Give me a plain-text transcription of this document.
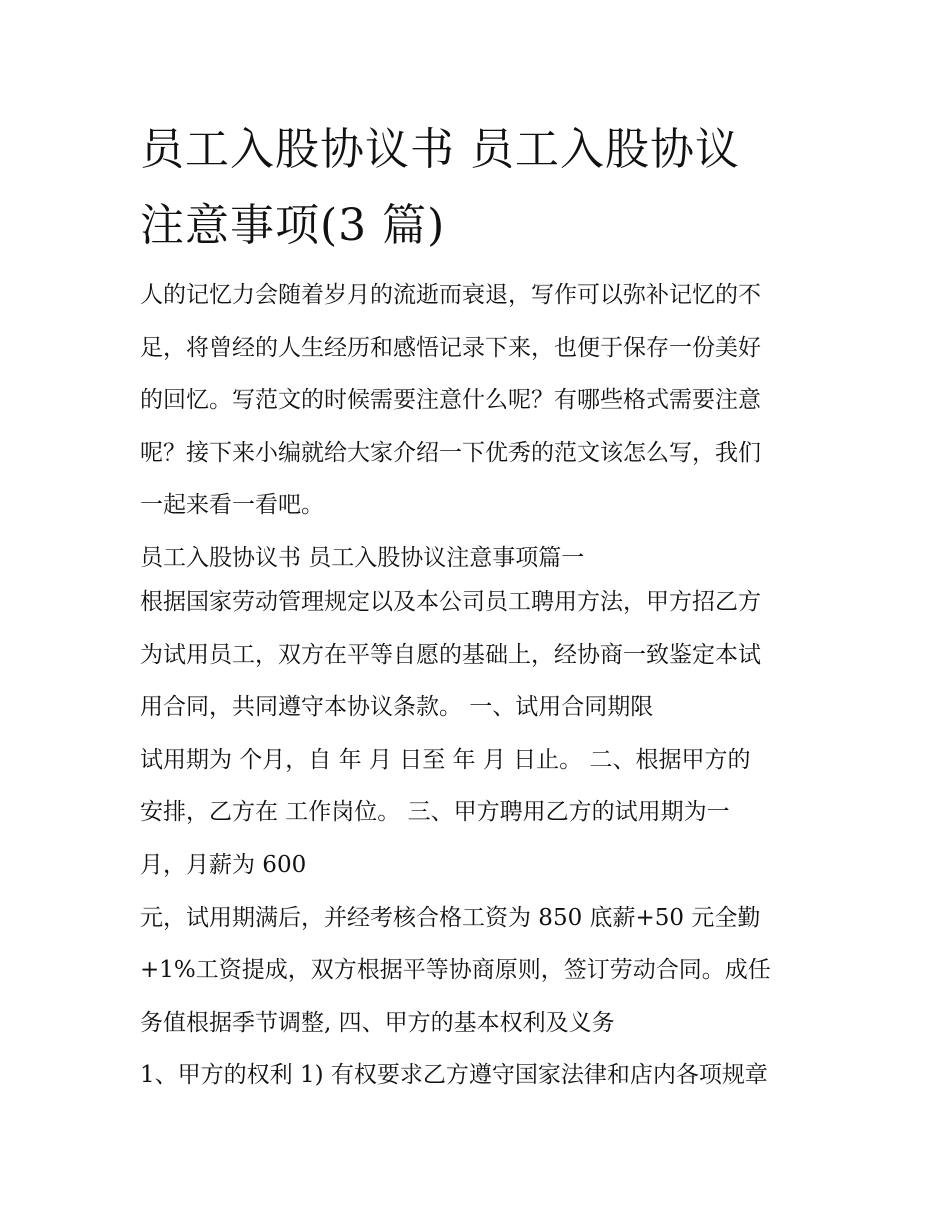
员工入股协议书 员工入股协议
注意事项(3 篇)
人的记忆力会随着岁月的流逝而衰退，写作可以弥补记忆的不
足，将曾经的人生经历和感悟记录下来，也便于保存一份美好
的回忆。写范文的时候需要注意什么呢？有哪些格式需要注意
呢？接下来小编就给大家介绍一下优秀的范文该怎么写，我们
一起来看一看吧。
员工入股协议书 员工入股协议注意事项篇一
根据国家劳动管理规定以及本公司员工聘用方法，甲方招乙方
为试用员工，双方在平等自愿的基础上，经协商一致鉴定本试
用合同，共同遵守本协议条款。 一、试用合同期限
试用期为 个月，自 年 月 日至 年 月 日止。 二、根据甲方的
安排，乙方在 工作岗位。 三、甲方聘用乙方的试用期为一
月，月薪为 600
元，试用期满后，并经考核合格工资为 850 底薪+50 元全勤
+1%工资提成，双方根据平等协商原则，签订劳动合同。成任
务值根据季节调整, 四、甲方的基本权利及义务
1、甲方的权利 1) 有权要求乙方遵守国家法律和店内各项规章
